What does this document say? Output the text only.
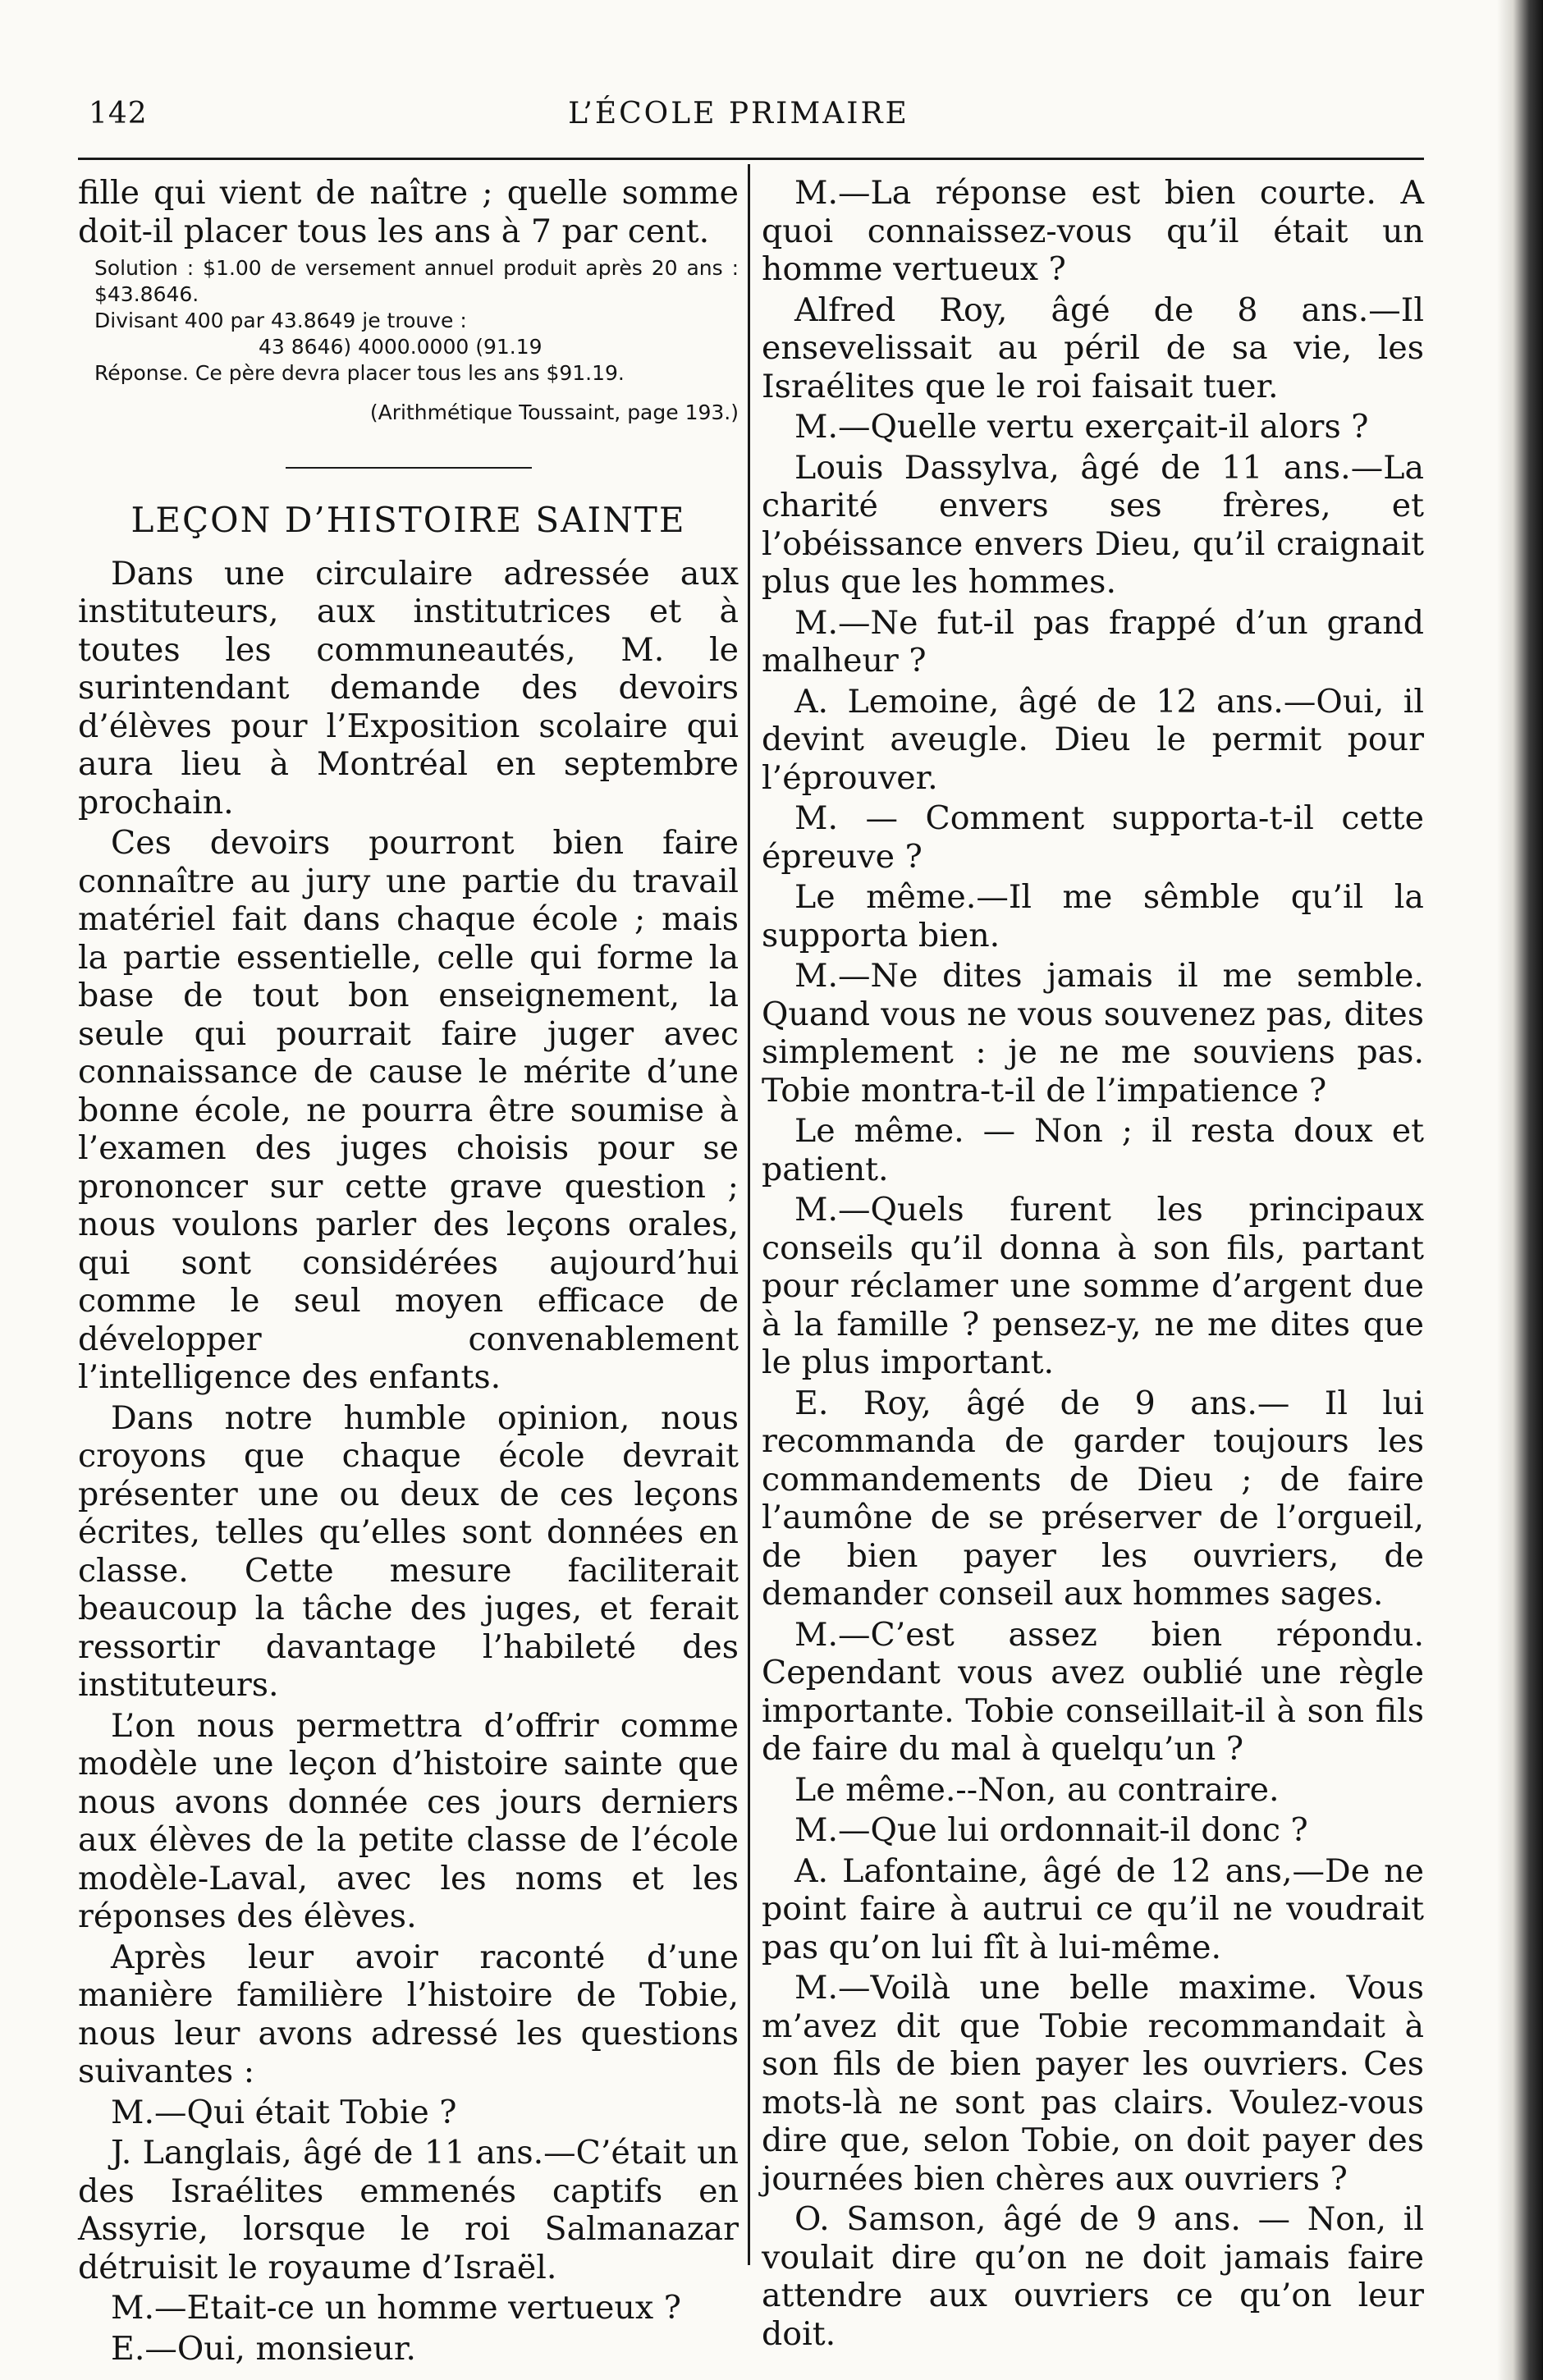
142	L’ÉCOLE PRIMAIRE

fille qui vient de naître ; quelle somme doit-il placer tous les ans à 7 par cent.

Solution : $1.00 de versement annuel produit après 20 ans : $43.8646.
Divisant 400 par 43.8649 je trouve :
43 8646) 4000.0000 (91.19
Réponse. Ce père devra placer tous les ans $91.19.
(Arithmétique Toussaint, page 193.)
LEÇON D’HISTOIRE SAINTE

Dans une circulaire adressée aux instituteurs, aux institutrices et à toutes les communeautés, M. le surintendant demande des devoirs d’élèves pour l’Exposition scolaire qui aura lieu à Montréal en septembre prochain.

Ces devoirs pourront bien faire connaître au jury une partie du travail matériel fait dans chaque école ; mais la partie essentielle, celle qui forme la base de tout bon enseignement, la seule qui pourrait faire juger avec connaissance de cause le mérite d’une bonne école, ne pourra être soumise à l’examen des juges choisis pour se prononcer sur cette grave question ; nous voulons parler des leçons orales, qui sont considérées aujourd’hui comme le seul moyen efficace de développer convenablement l’intelligence des enfants.

Dans notre humble opinion, nous croyons que chaque école devrait présenter une ou deux de ces leçons écrites, telles qu’elles sont données en classe. Cette mesure faciliterait beaucoup la tâche des juges, et ferait ressortir davantage l’habileté des instituteurs.

L’on nous permettra d’offrir comme modèle une leçon d’histoire sainte que nous avons donnée ces jours derniers aux élèves de la petite classe de l’école modèle-Laval, avec les noms et les réponses des élèves.

Après leur avoir raconté d’une manière familière l’histoire de Tobie, nous leur avons adressé les questions suivantes :

M.—Qui était Tobie ?

J. Langlais, âgé de 11 ans.—C’était un des Israélites emmenés captifs en Assyrie, lorsque le roi Salmanazar détruisit le royaume d’Israël.

M.—Etait-ce un homme vertueux ?

E.—Oui, monsieur.

M.—La réponse est bien courte. A quoi connaissez-vous qu’il était un homme vertueux ?

Alfred Roy, âgé de 8 ans.—Il ensevelissait au péril de sa vie, les Israélites que le roi faisait tuer.

M.—Quelle vertu exerçait-il alors ?

Louis Dassylva, âgé de 11 ans.—La charité envers ses frères, et l’obéissance envers Dieu, qu’il craignait plus que les hommes.

M.—Ne fut-il pas frappé d’un grand malheur ?

A. Lemoine, âgé de 12 ans.—Oui, il devint aveugle. Dieu le permit pour l’éprouver.

M. — Comment supporta-t-il cette épreuve ?

Le même.—Il me sêmble qu’il la supporta bien.

M.—Ne dites jamais il me semble. Quand vous ne vous souvenez pas, dites simplement : je ne me souviens pas. Tobie montra-t-il de l’impatience ?

Le même. — Non ; il resta doux et patient.

M.—Quels furent les principaux conseils qu’il donna à son fils, partant pour réclamer une somme d’argent due à la famille ? pensez-y, ne me dites que le plus important.

E. Roy, âgé de 9 ans.— Il lui recommanda de garder toujours les commandements de Dieu ; de faire l’aumône de se préserver de l’orgueil, de bien payer les ouvriers, de demander conseil aux hommes sages.

M.—C’est assez bien répondu. Cependant vous avez oublié une règle importante. Tobie conseillait-il à son fils de faire du mal à quelqu’un ?

Le même.--Non, au contraire.

M.—Que lui ordonnait-il donc ?

A. Lafontaine, âgé de 12 ans,—De ne point faire à autrui ce qu’il ne voudrait pas qu’on lui fît à lui-même.

M.—Voilà une belle maxime. Vous m’avez dit que Tobie recommandait à son fils de bien payer les ouvriers. Ces mots-là ne sont pas clairs. Voulez-vous dire que, selon Tobie, on doit payer des journées bien chères aux ouvriers ?

O. Samson, âgé de 9 ans. — Non, il voulait dire qu’on ne doit jamais faire attendre aux ouvriers ce qu’on leur doit.
